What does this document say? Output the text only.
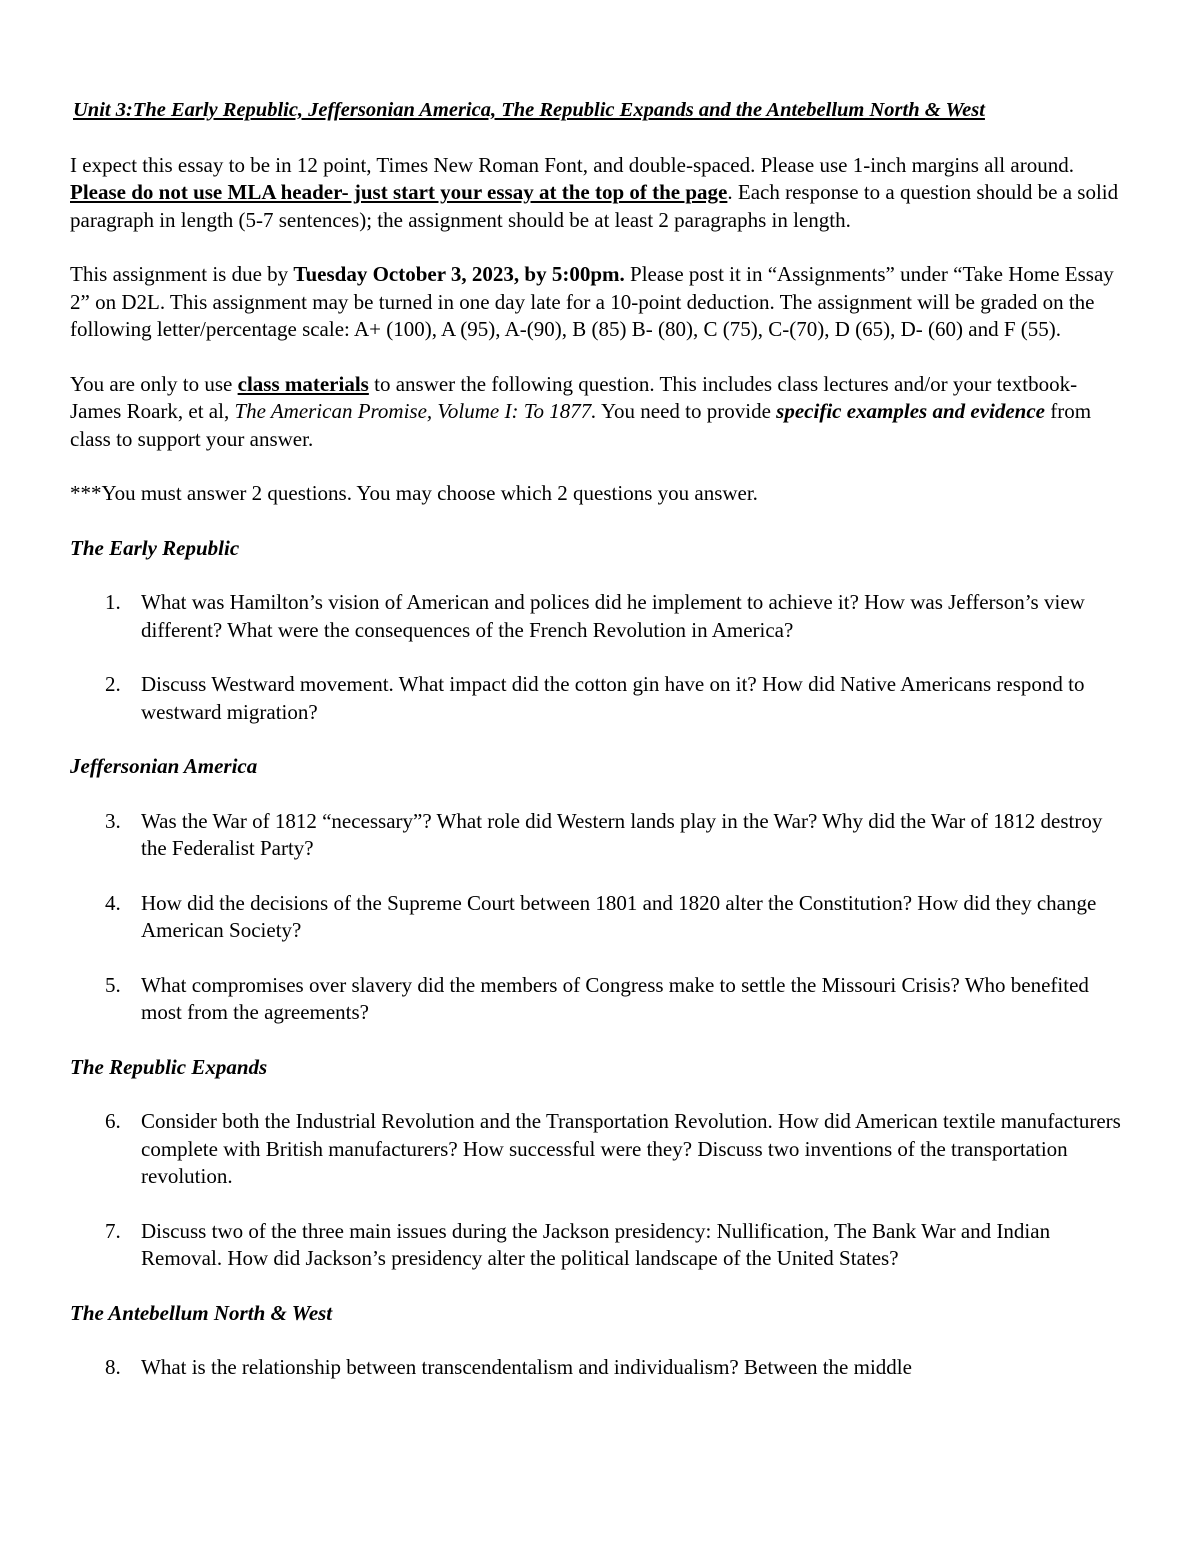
Unit 3:The Early Republic, Jeffersonian America, The Republic Expands and the Antebellum North & West

I expect this essay to be in 12 point, Times New Roman Font, and double-spaced. Please use 1-inch margins all around. Please do not use MLA header- just start your essay at the top of the page. Each response to a question should be a solid paragraph in length (5-7 sentences); the assignment should be at least 2 paragraphs in length.

This assignment is due by Tuesday October 3, 2023, by 5:00pm. Please post it in “Assignments” under “Take Home Essay 2” on D2L. This assignment may be turned in one day late for a 10-point deduction. The assignment will be graded on the following letter/percentage scale: A+ (100), A (95), A-(90), B (85) B- (80), C (75), C-(70), D (65), D- (60) and F (55).

You are only to use class materials to answer the following question. This includes class lectures and/or your textbook- James Roark, et al, The American Promise, Volume I: To 1877. You need to provide specific examples and evidence from class to support your answer.

***You must answer 2 questions. You may choose which 2 questions you answer.

The Early Republic
1. What was Hamilton’s vision of American and polices did he implement to achieve it? How was Jefferson’s view different? What were the consequences of the French Revolution in America?
2. Discuss Westward movement. What impact did the cotton gin have on it? How did Native Americans respond to westward migration?
Jeffersonian America
3. Was the War of 1812 “necessary”? What role did Western lands play in the War? Why did the War of 1812 destroy the Federalist Party?
4. How did the decisions of the Supreme Court between 1801 and 1820 alter the Constitution? How did they change American Society?
5. What compromises over slavery did the members of Congress make to settle the Missouri Crisis? Who benefited most from the agreements?
The Republic Expands
6. Consider both the Industrial Revolution and the Transportation Revolution. How did American textile manufacturers complete with British manufacturers? How successful were they? Discuss two inventions of the transportation revolution.
7. Discuss two of the three main issues during the Jackson presidency: Nullification, The Bank War and Indian Removal. How did Jackson’s presidency alter the political landscape of the United States?
The Antebellum North & West
8. What is the relationship between transcendentalism and individualism? Between the middle
